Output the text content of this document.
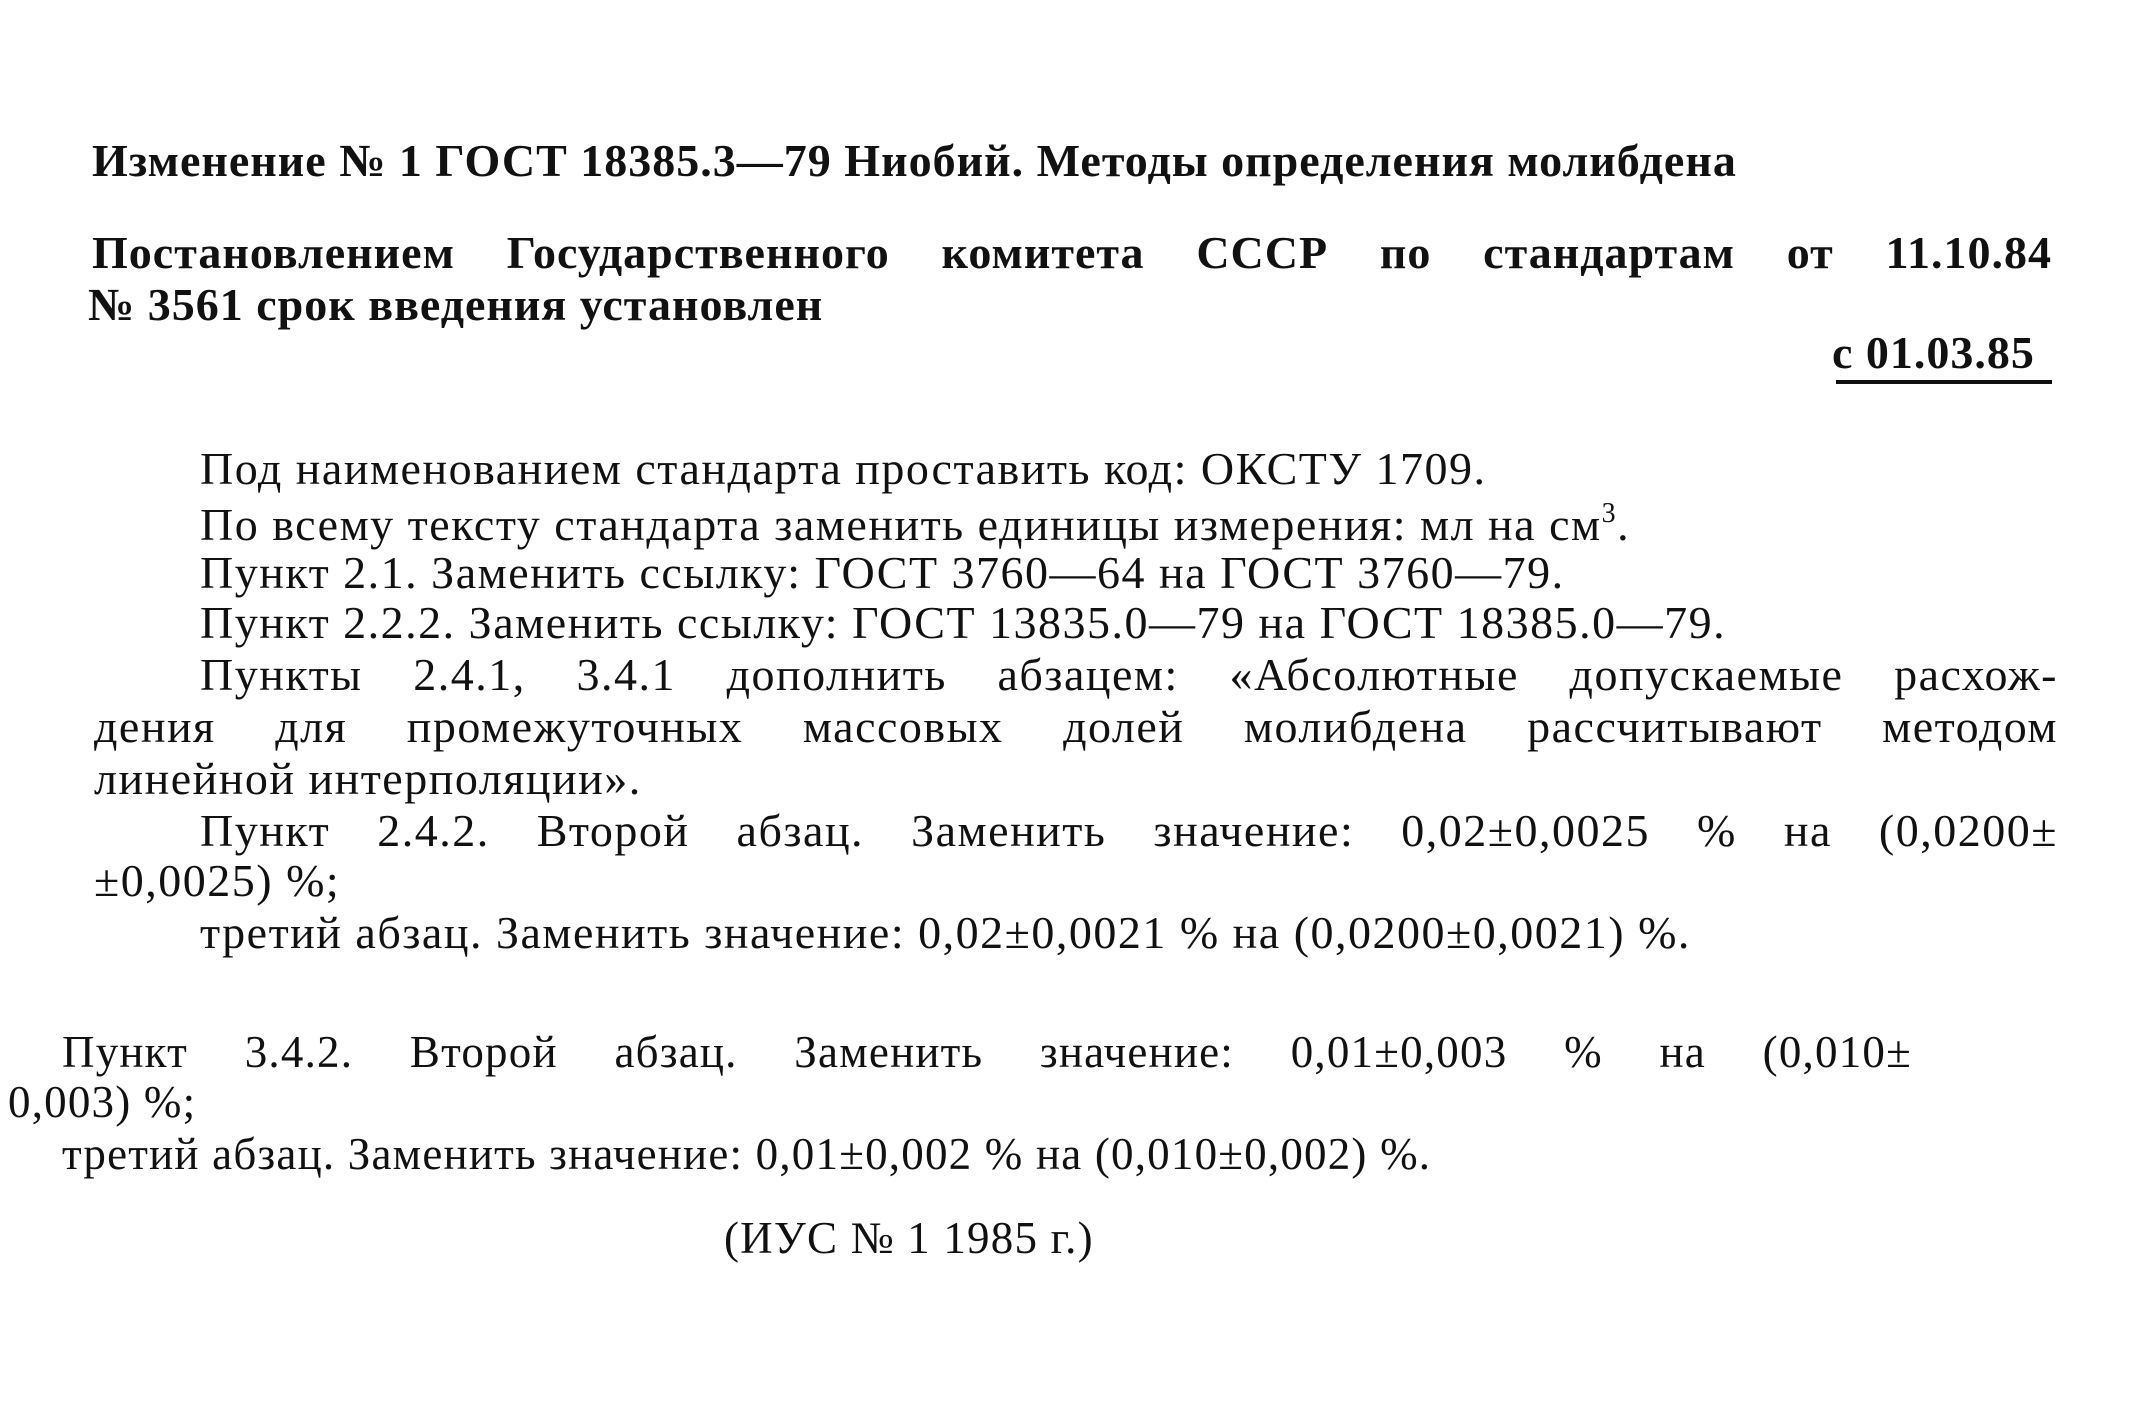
Изменение № 1 ГОСТ 18385.3—79 Ниобий. Методы определения молибдена
Постановлением Государственного комитета СССР по стандартам от 11.10.84
№ 3561 срок введения установлен
с 01.03.85
Под наименованием стандарта проставить код: ОКСТУ 1709.
По всему тексту стандарта заменить единицы измерения: мл на $см^3$.
Пункт 2.1. Заменить ссылку: ГОСТ 3760—64 на ГОСТ 3760—79.
Пункт 2.2.2. Заменить ссылку: ГОСТ 13835.0—79 на ГОСТ 18385.0—79.
Пункты 2.4.1, 3.4.1 дополнить абзацем: «Абсолютные допускаемые расхож-
дения для промежуточных массовых долей молибдена рассчитывают методом
линейной интерполяции».
Пункт 2.4.2. Второй абзац. Заменить значение: 0,02±0,0025 % на (0,0200±
±0,0025) %;
третий абзац. Заменить значение: 0,02±0,0021 % на (0,0200±0,0021) %.
Пункт 3.4.2. Второй абзац. Заменить значение: 0,01±0,003 % на (0,010±
0,003) %;
третий абзац. Заменить значение: 0,01±0,002 % на (0,010±0,002) %.
(ИУС № 1 1985 г.)
